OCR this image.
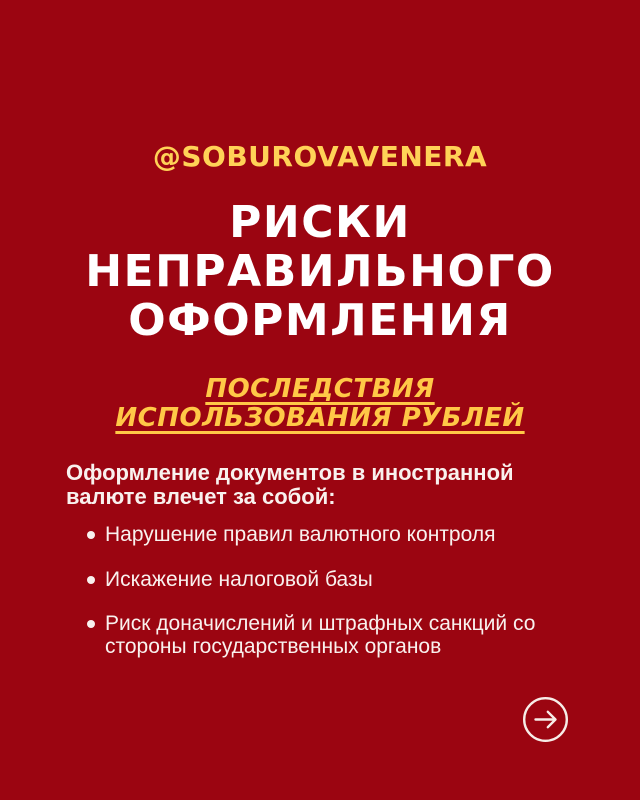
@SOBUROVAVENERA
РИСКИ
НЕПРАВИЛЬНОГО
ОФОРМЛЕНИЯ
ПОСЛЕДСТВИЯ
ИСПОЛЬЗОВАНИЯ РУБЛЕЙ

Оформление документов в иностранной
валюте влечет за собой:

Нарушение правил валютного контроля
Искажение налоговой базы
Риск доначислений и штрафных санкций со стороны государственных органов
